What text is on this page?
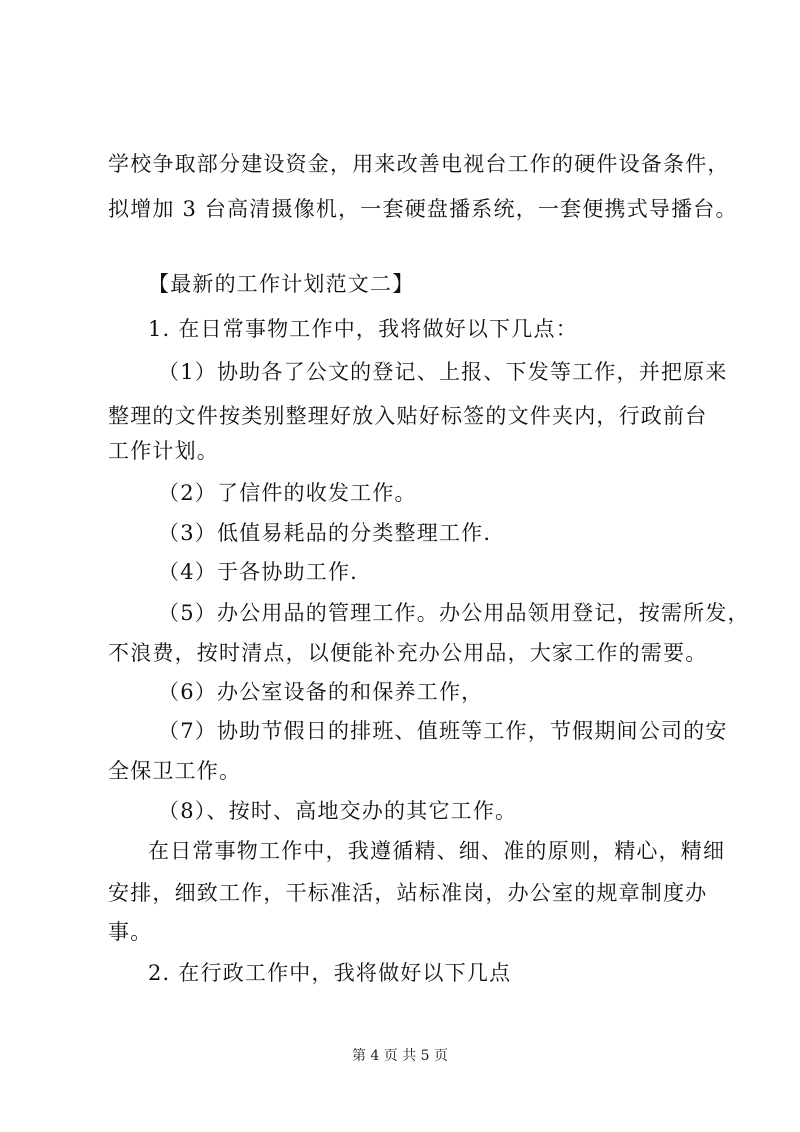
学校争取部分建设资金，用来改善电视台工作的硬件设备条件，
拟增加 3 台高清摄像机，一套硬盘播系统，一套便携式导播台。
【最新的工作计划范文二】
1. 在日常事物工作中，我将做好以下几点：
（1）协助各了公文的登记、上报、下发等工作，并把原来
整理的文件按类别整理好放入贴好标签的文件夹内，行政前台
工作计划。
（2）了信件的收发工作。
（3）低值易耗品的分类整理工作.
（4）于各协助工作.
（5）办公用品的管理工作。办公用品领用登记，按需所发，
不浪费，按时清点，以便能补充办公用品，大家工作的需要。
（6）办公室设备的和保养工作，
（7）协助节假日的排班、值班等工作，节假期间公司的安
全保卫工作。
（8）、按时、高地交办的其它工作。
在日常事物工作中，我遵循精、细、准的原则，精心，精细
安排，细致工作，干标准活，站标准岗，办公室的规章制度办
事。
2. 在行政工作中，我将做好以下几点
第 4 页 共 5 页
